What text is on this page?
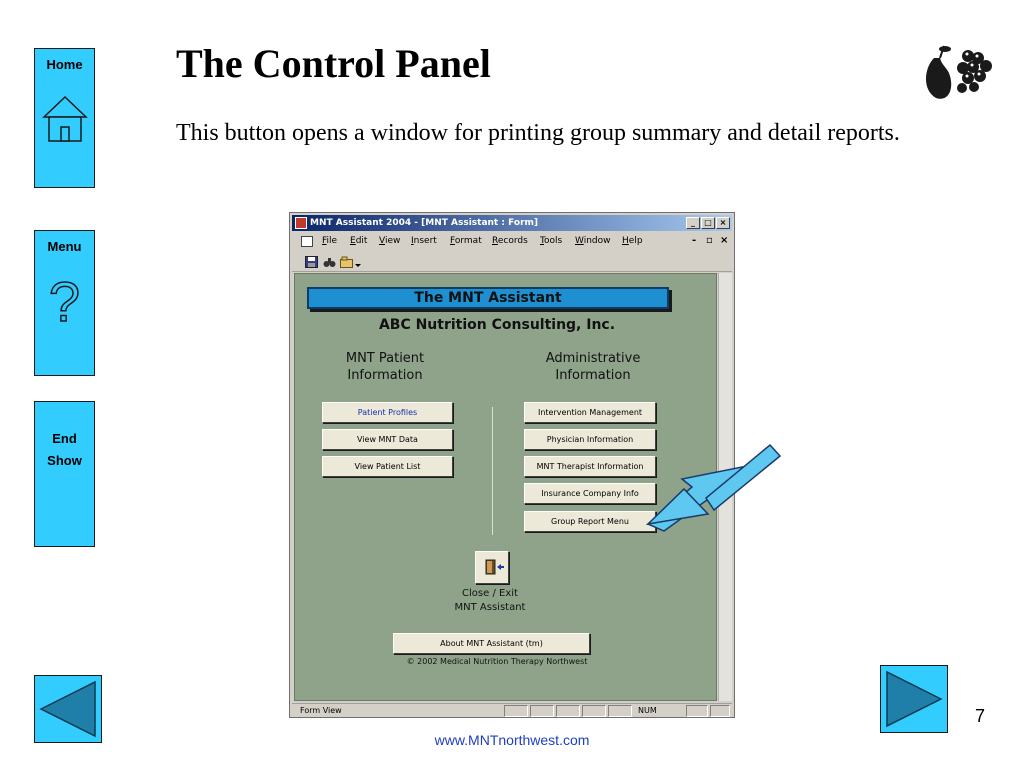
Home
Menu
?
End
Show
The Control Panel
This button opens a window for printing group summary and detail reports.
MNT Assistant 2004 - [MNT Assistant : Form]	_	□ ×
File Edit View Insert Format Records Tools Window Help	- ▫ ×
The MNT Assistant
ABC Nutrition Consulting, Inc.
MNT Patient
Information
Administrative
Information
Patient Profiles
View MNT Data
View Patient List
Intervention Management
Physician Information
MNT Therapist Information
Insurance Company Info
Group Report Menu
Close / Exit
MNT Assistant
About MNT Assistant (tm)
© 2002 Medical Nutrition Therapy Northwest
Form View	NUM	7
www.MNTnorthwest.com
